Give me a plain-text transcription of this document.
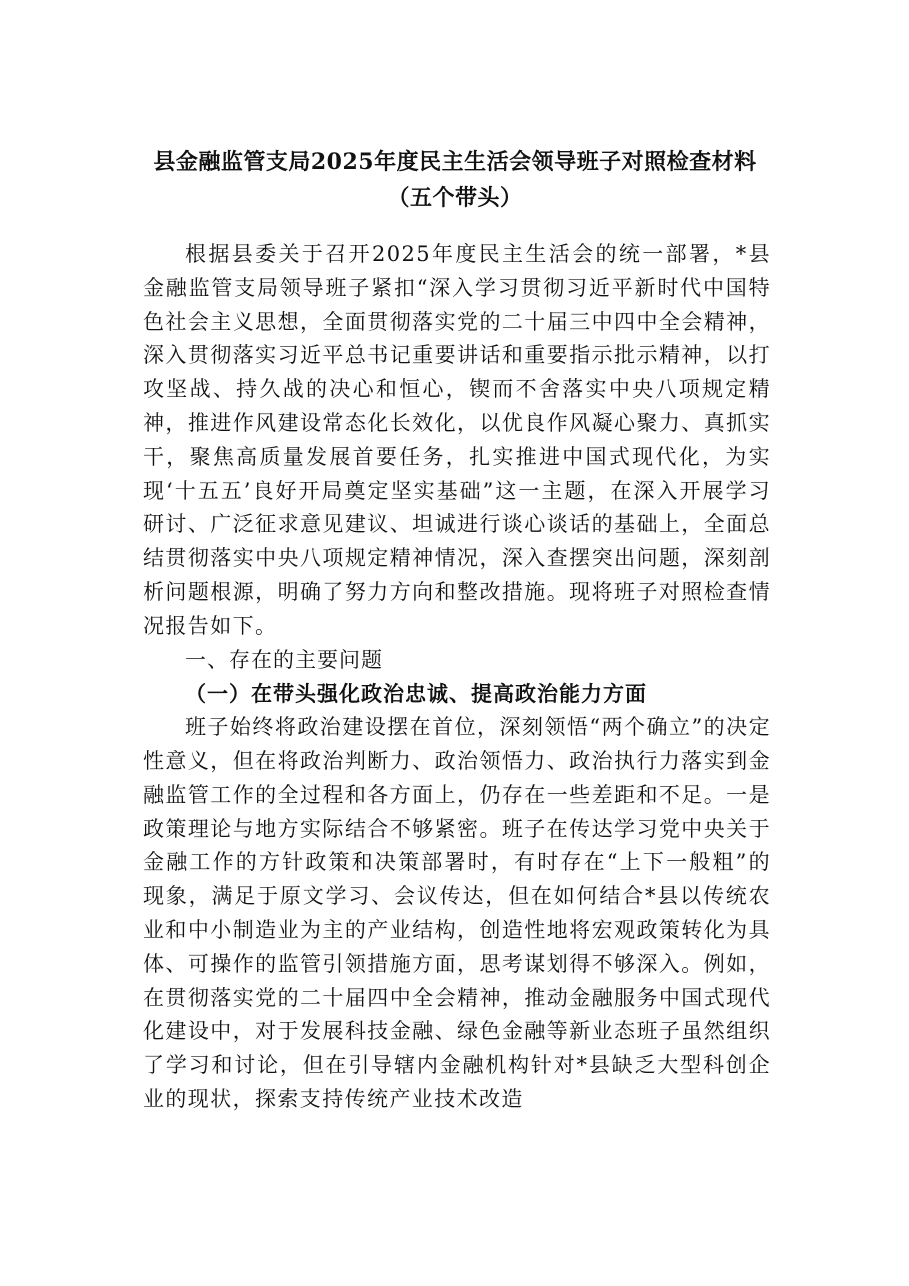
县金融监管支局2025年度民主生活会领导班子对照检查材料（五个带头）

根据县委关于召开2025年度民主生活会的统一部署，*县金融监管支局领导班子紧扣“深入学习贯彻习近平新时代中国特色社会主义思想，全面贯彻落实党的二十届三中四中全会精神，深入贯彻落实习近平总书记重要讲话和重要指示批示精神，以打攻坚战、持久战的决心和恒心，锲而不舍落实中央八项规定精神，推进作风建设常态化长效化，以优良作风凝心聚力、真抓实干，聚焦高质量发展首要任务，扎实推进中国式现代化，为实现‘十五五’良好开局奠定坚实基础”这一主题，在深入开展学习研讨、广泛征求意见建议、坦诚进行谈心谈话的基础上，全面总结贯彻落实中央八项规定精神情况，深入查摆突出问题，深刻剖析问题根源，明确了努力方向和整改措施。现将班子对照检查情况报告如下。

一、存在的主要问题

（一）在带头强化政治忠诚、提高政治能力方面

班子始终将政治建设摆在首位，深刻领悟“两个确立”的决定性意义，但在将政治判断力、政治领悟力、政治执行力落实到金融监管工作的全过程和各方面上，仍存在一些差距和不足。一是政策理论与地方实际结合不够紧密。班子在传达学习党中央关于金融工作的方针政策和决策部署时，有时存在“上下一般粗”的现象，满足于原文学习、会议传达，但在如何结合*县以传统农业和中小制造业为主的产业结构，创造性地将宏观政策转化为具体、可操作的监管引领措施方面，思考谋划得不够深入。例如，在贯彻落实党的二十届四中全会精神，推动金融服务中国式现代化建设中，对于发展科技金融、绿色金融等新业态班子虽然组织了学习和讨论，但在引导辖内金融机构针对*县缺乏大型科创企业的现状，探索支持传统产业技术改造
